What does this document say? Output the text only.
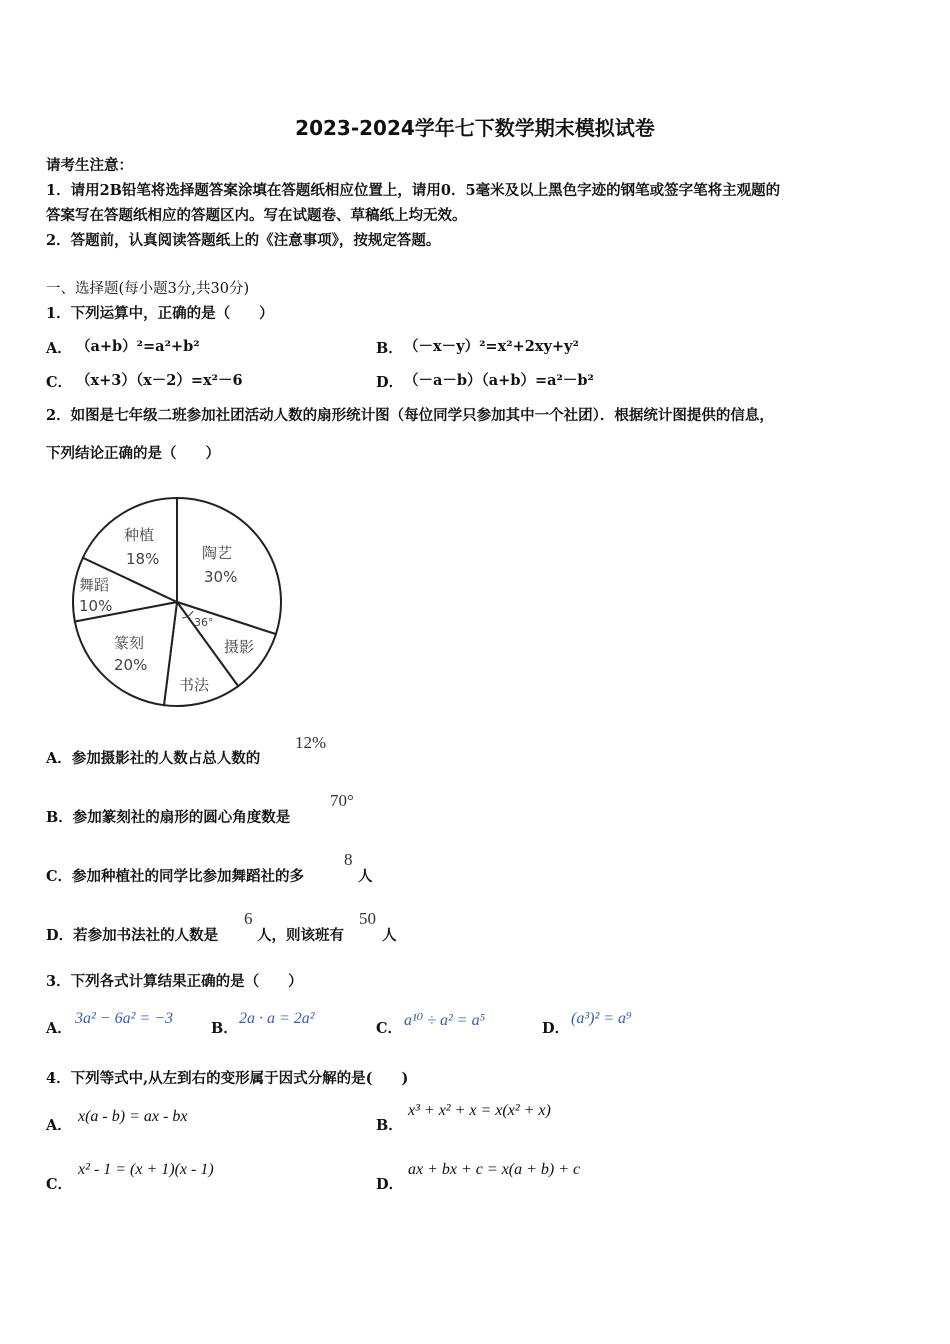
2023-2024学年七下数学期末模拟试卷
请考生注意：
1．请用2B铅笔将选择题答案涂填在答题纸相应位置上，请用0．5毫米及以上黑色字迹的钢笔或签字笔将主观题的
答案写在答题纸相应的答题区内。写在试题卷、草稿纸上均无效。
2．答题前，认真阅读答题纸上的《注意事项》，按规定答题。
一、选择题(每小题3分,共30分)
1．下列运算中，正确的是（　　）
A． （a+b）²=a²+b²	B． （－x－y）²=x²+2xy+y²
C． （x+3）（x－2）=x²－6	D． （－a－b）（a+b）=a²－b²
2．如图是七年级二班参加社团活动人数的扇形统计图（每位同学只参加其中一个社团）．根据统计图提供的信息，
下列结论正确的是（　　）
36°
陶艺
30%
摄影
书法
篆刻
20%
舞蹈
10%
种植
18%
A．参加摄影社的人数占总人数的
12%
B．参加篆刻社的扇形的圆心角度数是
70°
C．参加种植社的同学比参加舞蹈社的多
8
人
D．若参加书法社的人数是
6
人，则该班有
50
人
3．下列各式计算结果正确的是（　　）
A．
3a² − 6a² = −3
B．
2a · a = 2a²
C． a¹⁰ ÷ a² = a⁵	D．
(a³)² = a⁹
4．下列等式中,从左到右的变形属于因式分解的是(　　)
A．
x(a - b) = ax - bx
B．
x³ + x² + x = x(x² + x)
C．
x² - 1 = (x + 1)(x - 1)
D．
ax + bx + c = x(a + b) + c
